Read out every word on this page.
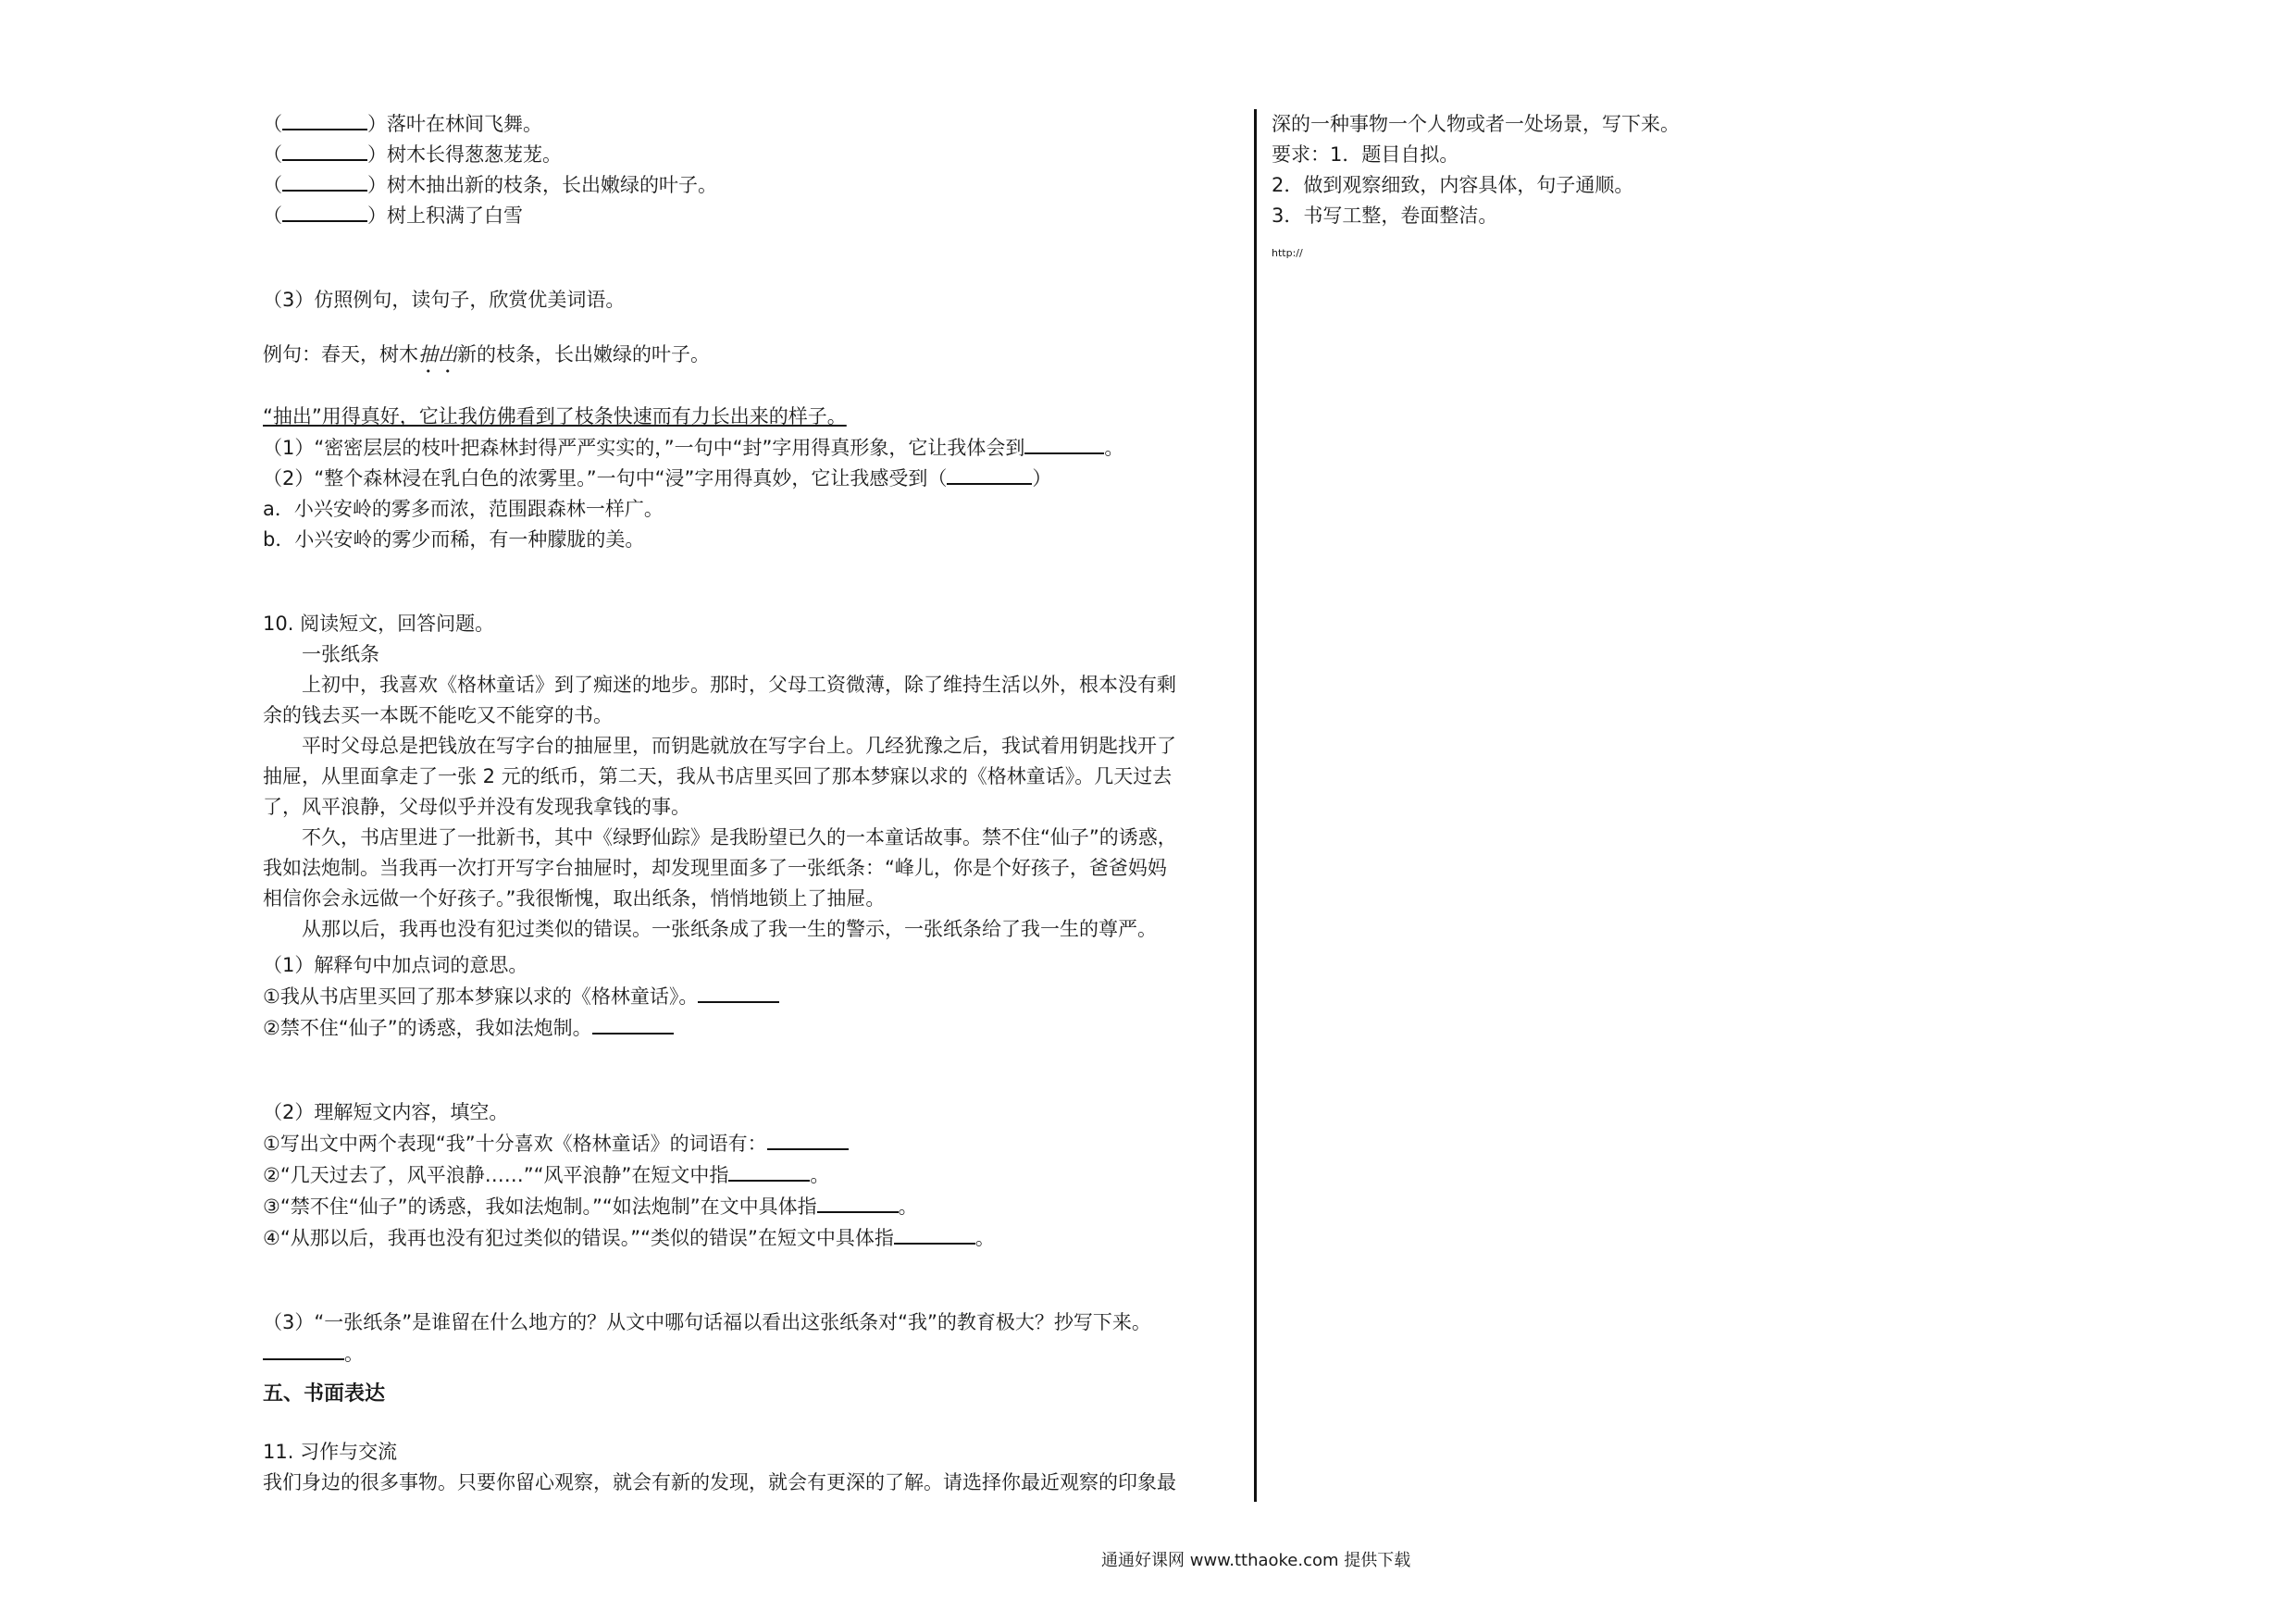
（	）落叶在林间飞舞。
（	）树木长得葱葱茏茏。
（	）树木抽出新的枝条，长出嫩绿的叶子。
（	）树上积满了白雪
（3）仿照例句，读句子，欣赏优美词语。
例句：春天，树木抽出新的枝条，长出嫩绿的叶子。
“抽出”用得真好，它让我仿佛看到了枝条快速而有力长出来的样子。
（1）“密密层层的枝叶把森林封得严严实实的，”一句中“封”字用得真形象，它让我体会到	。
（2）“整个森林浸在乳白色的浓雾里。”一句中“浸”字用得真妙，它让我感受到（	）
a．小兴安岭的雾多而浓，范围跟森林一样广。
b．小兴安岭的雾少而稀，有一种朦胧的美。
10. 阅读短文，回答问题。
一张纸条
上初中，我喜欢《格林童话》到了痴迷的地步。那时，父母工资微薄，除了维持生活以外，根本没有剩
余的钱去买一本既不能吃又不能穿的书。
平时父母总是把钱放在写字台的抽屉里，而钥匙就放在写字台上。几经犹豫之后，我试着用钥匙找开了
抽屉，从里面拿走了一张 2 元的纸币，第二天，我从书店里买回了那本梦寐以求的《格林童话》。几天过去
了，风平浪静，父母似乎并没有发现我拿钱的事。
不久，书店里进了一批新书，其中《绿野仙踪》是我盼望已久的一本童话故事。禁不住“仙子”的诱惑，
我如法炮制。当我再一次打开写字台抽屉时，却发现里面多了一张纸条：“峰儿，你是个好孩子，爸爸妈妈
相信你会永远做一个好孩子。”我很惭愧，取出纸条，悄悄地锁上了抽屉。
从那以后，我再也没有犯过类似的错误。一张纸条成了我一生的警示，一张纸条给了我一生的尊严。
（1）解释句中加点词的意思。
①我从书店里买回了那本梦寐以求的《格林童话》。
②禁不住“仙子”的诱惑，我如法炮制。
（2）理解短文内容，填空。
①写出文中两个表现“我”十分喜欢《格林童话》的词语有：
②“几天过去了，风平浪静……”“风平浪静”在短文中指	。
③“禁不住“仙子”的诱惑，我如法炮制。”“如法炮制”在文中具体指	。
④“从那以后，我再也没有犯过类似的错误。”“类似的错误”在短文中具体指	。
（3）“一张纸条”是谁留在什么地方的？从文中哪句话福以看出这张纸条对“我”的教育极大？抄写下来。
。
五、书面表达
11. 习作与交流
我们身边的很多事物。只要你留心观察，就会有新的发现，就会有更深的了解。请选择你最近观察的印象最
深的一种事物一个人物或者一处场景，写下来。
要求：1．题目自拟。
2．做到观察细致，内容具体，句子通顺。
3．书写工整，卷面整洁。
http://
通通好课网 www.tthaoke.com 提供下载
